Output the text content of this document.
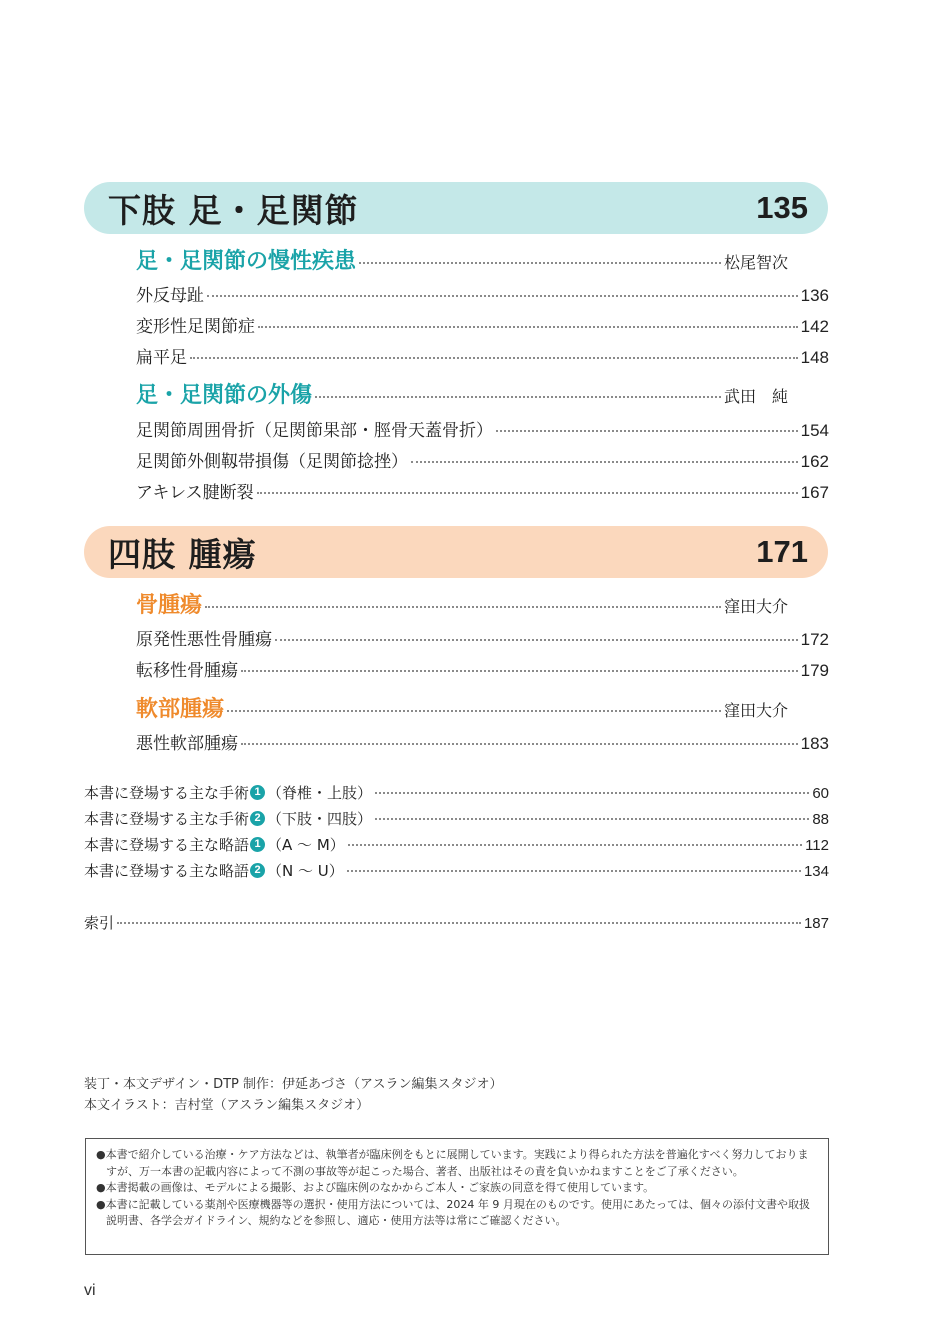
下肢 足・足関節	135
足・足関節の慢性疾患	松尾智次
外反母趾	136
変形性足関節症	142
扁平足	148
足・足関節の外傷	武田　純
足関節周囲骨折（足関節果部・脛骨天蓋骨折）	154
足関節外側靱帯損傷（足関節捻挫）	162
アキレス腱断裂	167
四肢 腫瘍	171
骨腫瘍	窪田大介
原発性悪性骨腫瘍	172
転移性骨腫瘍	179
軟部腫瘍	窪田大介
悪性軟部腫瘍	183
本書に登場する主な手術 1 （脊椎・上肢）	60
本書に登場する主な手術 2 （下肢・四肢）	88
本書に登場する主な略語 1 （A ～ M）	112
本書に登場する主な略語 2 （N ～ U）	134
索引	187
装丁・本文デザイン・DTP 制作：伊延あづさ（アスラン編集スタジオ）
本文イラスト：吉村堂（アスラン編集スタジオ）

●本書で紹介している治療・ケア方法などは、執筆者が臨床例をもとに展開しています。実践により得られた方法を普遍化すべく努力しておりますが、万一本書の記載内容によって不測の事故等が起こった場合、著者、出版社はその責を負いかねますことをご了承ください。

●本書掲載の画像は、モデルによる撮影、および臨床例のなかからご本人・ご家族の同意を得て使用しています。

●本書に記載している薬剤や医療機器等の選択・使用方法については、2024 年 9 月現在のものです。使用にあたっては、個々の添付文書や取扱説明書、各学会ガイドライン、規約などを参照し、適応・使用方法等は常にご確認ください。

vi
